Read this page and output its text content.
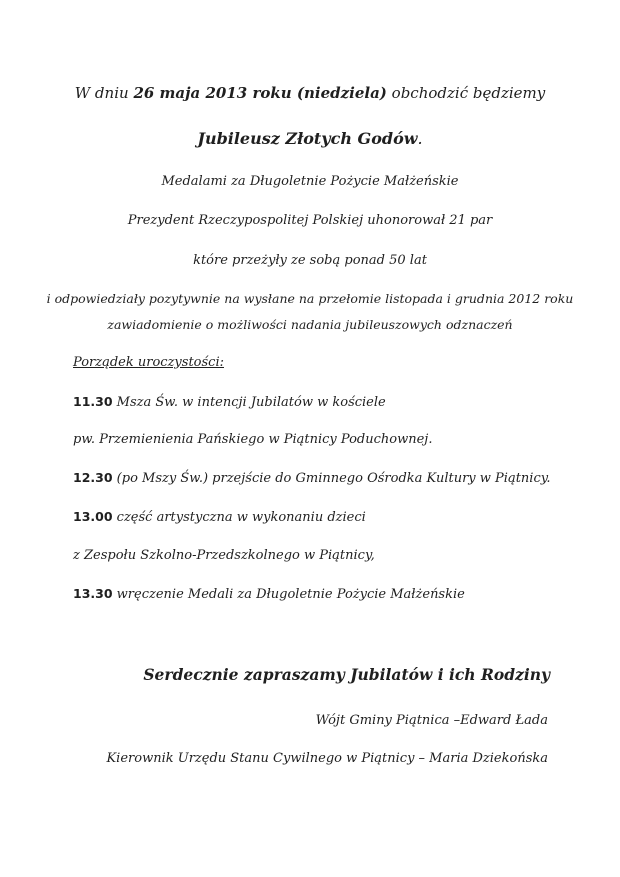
W dniu 26 maja 2013 roku (niedziela) obchodzić będziemy
Jubileusz Złotych Godów.
Medalami za Długoletnie Pożycie Małżeńskie
Prezydent Rzeczypospolitej Polskiej uhonorował 21 par
które przeżyły ze sobą ponad 50 lat
i odpowiedziały pozytywnie na wysłane na przełomie listopada i grudnia 2012 roku
zawiadomienie o możliwości nadania jubileuszowych odznaczeń
Porządek uroczystości:
11.30 Msza Św. w intencji Jubilatów w kościele
pw. Przemienienia Pańskiego w Piątnicy Poduchownej.
12.30 (po Mszy Św.) przejście do Gminnego Ośrodka Kultury w Piątnicy.
13.00 część artystyczna w wykonaniu dzieci
z Zespołu Szkolno-Przedszkolnego w Piątnicy,
13.30 wręczenie Medali za Długoletnie Pożycie Małżeńskie
Serdecznie zapraszamy Jubilatów i ich Rodziny
Wójt Gminy Piątnica –Edward Łada
Kierownik Urzędu Stanu Cywilnego w Piątnicy – Maria Dziekońska
